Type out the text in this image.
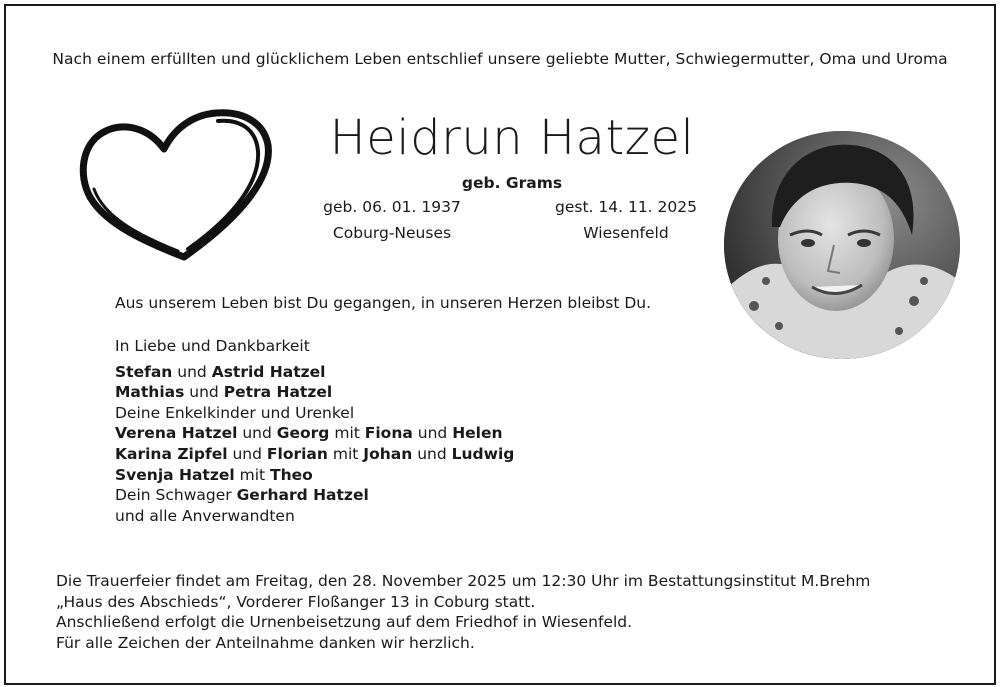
Nach einem erfüllten und glücklichem Leben entschlief unsere geliebte Mutter, Schwiegermutter, Oma und Uroma
Heidrun Hatzel
geb. Grams
geb. 06. 01. 1937
Coburg-Neuses
gest. 14. 11. 2025
Wiesenfeld
Aus unserem Leben bist Du gegangen, in unseren Herzen bleibst Du.
In Liebe und Dankbarkeit
Stefan und Astrid Hatzel
Mathias und Petra Hatzel
Deine Enkelkinder und Urenkel
Verena Hatzel und Georg mit Fiona und Helen
Karina Zipfel und Florian mit Johan und Ludwig
Svenja Hatzel mit Theo
Dein Schwager Gerhard Hatzel
und alle Anverwandten
Die Trauerfeier findet am Freitag, den 28. November 2025 um 12:30 Uhr im Bestattungsinstitut M.Brehm
„Haus des Abschieds“, Vorderer Floßanger 13 in Coburg statt.
Anschließend erfolgt die Urnenbeisetzung auf dem Friedhof in Wiesenfeld.
Für alle Zeichen der Anteilnahme danken wir herzlich.
